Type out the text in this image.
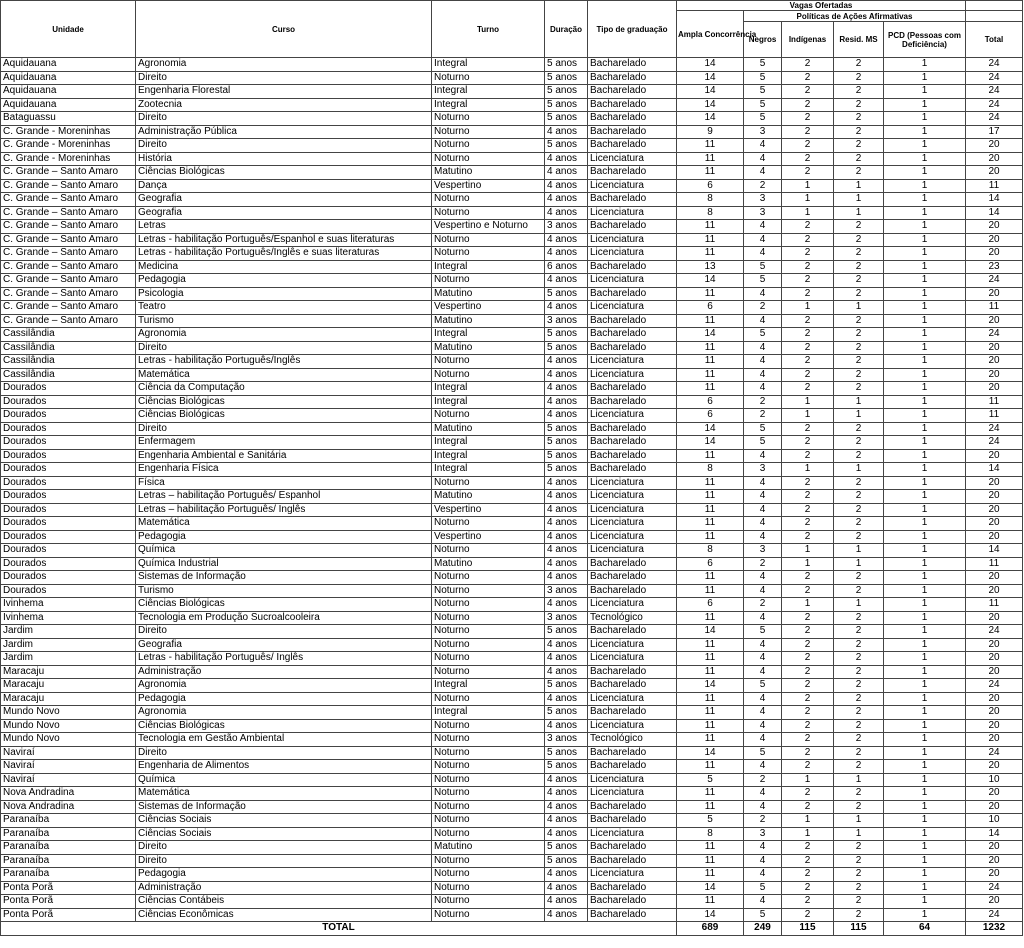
Unidade	Curso	Turno	Duração	Tipo de graduação	Vagas Ofertadas					
					Ampla Concorrência	Políticas de Ações Afirmativas				
						Negros	Indígenas	Resid. MS	PCD (Pessoas com Deficiência)	Total
Aquidauana	Agronomia	Integral	5 anos	Bacharelado	14	5	2	2	1	24
Aquidauana	Direito	Noturno	5 anos	Bacharelado	14	5	2	2	1	24
Aquidauana	Engenharia Florestal	Integral	5 anos	Bacharelado	14	5	2	2	1	24
Aquidauana	Zootecnia	Integral	5 anos	Bacharelado	14	5	2	2	1	24
Bataguassu	Direito	Noturno	5 anos	Bacharelado	14	5	2	2	1	24
C. Grande - Moreninhas	Administração Pública	Noturno	4 anos	Bacharelado	9	3	2	2	1	17
C. Grande - Moreninhas	Direito	Noturno	5 anos	Bacharelado	11	4	2	2	1	20
C. Grande - Moreninhas	História	Noturno	4 anos	Licenciatura	11	4	2	2	1	20
C. Grande – Santo Amaro	Ciências Biológicas	Matutino	4 anos	Bacharelado	11	4	2	2	1	20
C. Grande – Santo Amaro	Dança	Vespertino	4 anos	Licenciatura	6	2	1	1	1	11
C. Grande – Santo Amaro	Geografia	Noturno	4 anos	Bacharelado	8	3	1	1	1	14
C. Grande – Santo Amaro	Geografia	Noturno	4 anos	Licenciatura	8	3	1	1	1	14
C. Grande – Santo Amaro	Letras	Vespertino e Noturno	3 anos	Bacharelado	11	4	2	2	1	20
C. Grande – Santo Amaro	Letras - habilitação Português/Espanhol e suas literaturas	Noturno	4 anos	Licenciatura	11	4	2	2	1	20
C. Grande – Santo Amaro	Letras - habilitação Português/Inglês e suas literaturas	Noturno	4 anos	Licenciatura	11	4	2	2	1	20
C. Grande – Santo Amaro	Medicina	Integral	6 anos	Bacharelado	13	5	2	2	1	23
C. Grande – Santo Amaro	Pedagogia	Noturno	4 anos	Licenciatura	14	5	2	2	1	24
C. Grande – Santo Amaro	Psicologia	Matutino	5 anos	Bacharelado	11	4	2	2	1	20
C. Grande – Santo Amaro	Teatro	Vespertino	4 anos	Licenciatura	6	2	1	1	1	11
C. Grande – Santo Amaro	Turismo	Matutino	3 anos	Bacharelado	11	4	2	2	1	20
Cassilândia	Agronomia	Integral	5 anos	Bacharelado	14	5	2	2	1	24
Cassilândia	Direito	Matutino	5 anos	Bacharelado	11	4	2	2	1	20
Cassilândia	Letras - habilitação Português/Inglês	Noturno	4 anos	Licenciatura	11	4	2	2	1	20
Cassilândia	Matemática	Noturno	4 anos	Licenciatura	11	4	2	2	1	20
Dourados	Ciência da Computação	Integral	4 anos	Bacharelado	11	4	2	2	1	20
Dourados	Ciências Biológicas	Integral	4 anos	Bacharelado	6	2	1	1	1	11
Dourados	Ciências Biológicas	Noturno	4 anos	Licenciatura	6	2	1	1	1	11
Dourados	Direito	Matutino	5 anos	Bacharelado	14	5	2	2	1	24
Dourados	Enfermagem	Integral	5 anos	Bacharelado	14	5	2	2	1	24
Dourados	Engenharia Ambiental e Sanitária	Integral	5 anos	Bacharelado	11	4	2	2	1	20
Dourados	Engenharia Física	Integral	5 anos	Bacharelado	8	3	1	1	1	14
Dourados	Física	Noturno	4 anos	Licenciatura	11	4	2	2	1	20
Dourados	Letras – habilitação Português/ Espanhol	Matutino	4 anos	Licenciatura	11	4	2	2	1	20
Dourados	Letras – habilitação Português/ Inglês	Vespertino	4 anos	Licenciatura	11	4	2	2	1	20
Dourados	Matemática	Noturno	4 anos	Licenciatura	11	4	2	2	1	20
Dourados	Pedagogia	Vespertino	4 anos	Licenciatura	11	4	2	2	1	20
Dourados	Química	Noturno	4 anos	Licenciatura	8	3	1	1	1	14
Dourados	Química Industrial	Matutino	4 anos	Bacharelado	6	2	1	1	1	11
Dourados	Sistemas de Informação	Noturno	4 anos	Bacharelado	11	4	2	2	1	20
Dourados	Turismo	Noturno	3 anos	Bacharelado	11	4	2	2	1	20
Ivinhema	Ciências Biológicas	Noturno	4 anos	Licenciatura	6	2	1	1	1	11
Ivinhema	Tecnologia em Produção Sucroalcooleira	Noturno	3 anos	Tecnológico	11	4	2	2	1	20
Jardim	Direito	Noturno	5 anos	Bacharelado	14	5	2	2	1	24
Jardim	Geografia	Noturno	4 anos	Licenciatura	11	4	2	2	1	20
Jardim	Letras - habilitação Português/ Inglês	Noturno	4 anos	Licenciatura	11	4	2	2	1	20
Maracaju	Administração	Noturno	4 anos	Bacharelado	11	4	2	2	1	20
Maracaju	Agronomia	Integral	5 anos	Bacharelado	14	5	2	2	1	24
Maracaju	Pedagogia	Noturno	4 anos	Licenciatura	11	4	2	2	1	20
Mundo Novo	Agronomia	Integral	5 anos	Bacharelado	11	4	2	2	1	20
Mundo Novo	Ciências Biológicas	Noturno	4 anos	Licenciatura	11	4	2	2	1	20
Mundo Novo	Tecnologia em Gestão Ambiental	Noturno	3 anos	Tecnológico	11	4	2	2	1	20
Naviraí	Direito	Noturno	5 anos	Bacharelado	14	5	2	2	1	24
Naviraí	Engenharia de Alimentos	Noturno	5 anos	Bacharelado	11	4	2	2	1	20
Naviraí	Química	Noturno	4 anos	Licenciatura	5	2	1	1	1	10
Nova Andradina	Matemática	Noturno	4 anos	Licenciatura	11	4	2	2	1	20
Nova Andradina	Sistemas de Informação	Noturno	4 anos	Bacharelado	11	4	2	2	1	20
Paranaíba	Ciências Sociais	Noturno	4 anos	Bacharelado	5	2	1	1	1	10
Paranaíba	Ciências Sociais	Noturno	4 anos	Licenciatura	8	3	1	1	1	14
Paranaíba	Direito	Matutino	5 anos	Bacharelado	11	4	2	2	1	20
Paranaíba	Direito	Noturno	5 anos	Bacharelado	11	4	2	2	1	20
Paranaíba	Pedagogia	Noturno	4 anos	Licenciatura	11	4	2	2	1	20
Ponta Porã	Administração	Noturno	4 anos	Bacharelado	14	5	2	2	1	24
Ponta Porã	Ciências Contábeis	Noturno	4 anos	Bacharelado	11	4	2	2	1	20
Ponta Porã	Ciências Econômicas	Noturno	4 anos	Bacharelado	14	5	2	2	1	24
TOTAL					689	249	115	115	64	1232
